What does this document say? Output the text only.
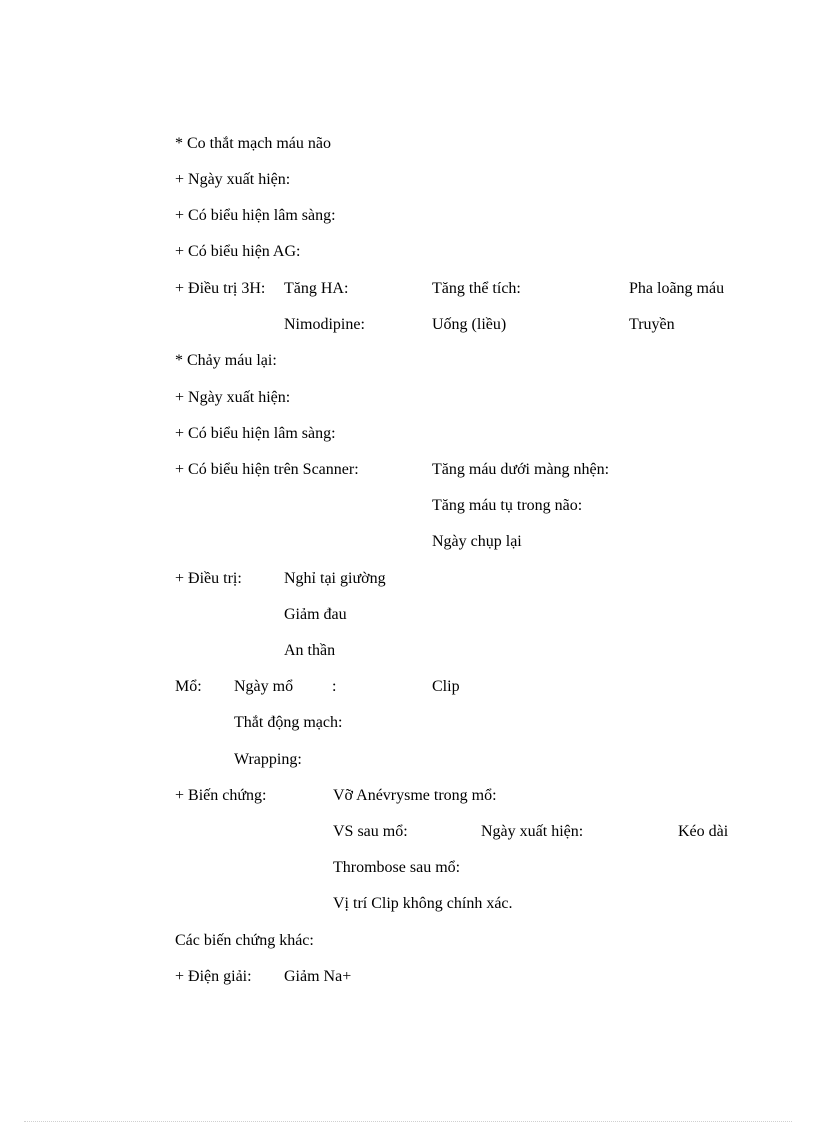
* Co thắt mạch máu não
+ Ngày xuất hiện:
+ Có biểu hiện lâm sàng:
+ Có biểu hiện AG:
+ Điều trị 3H: Tăng HA:	Tăng thể tích:	Pha loãng máu
Nimodipine:	Uống (liều)	Truyền
* Chảy máu lại:
+ Ngày xuất hiện:
+ Có biểu hiện lâm sàng:
+ Có biểu hiện trên Scanner:	Tăng máu dưới màng nhện:
Tăng máu tụ trong não:
Ngày chụp lại
+ Điều trị:	Nghỉ tại giường
Giảm đau
An thần
Mổ: Ngày mổ :	Clip
Thắt động mạch:
Wrapping:
+ Biến chứng:	Vỡ Anévrysme trong mổ:
VS sau mổ:	Ngày xuất hiện:	Kéo dài
Thrombose sau mổ:
Vị trí Clip không chính xác.
Các biến chứng khác:
+ Điện giải: Giảm Na+
